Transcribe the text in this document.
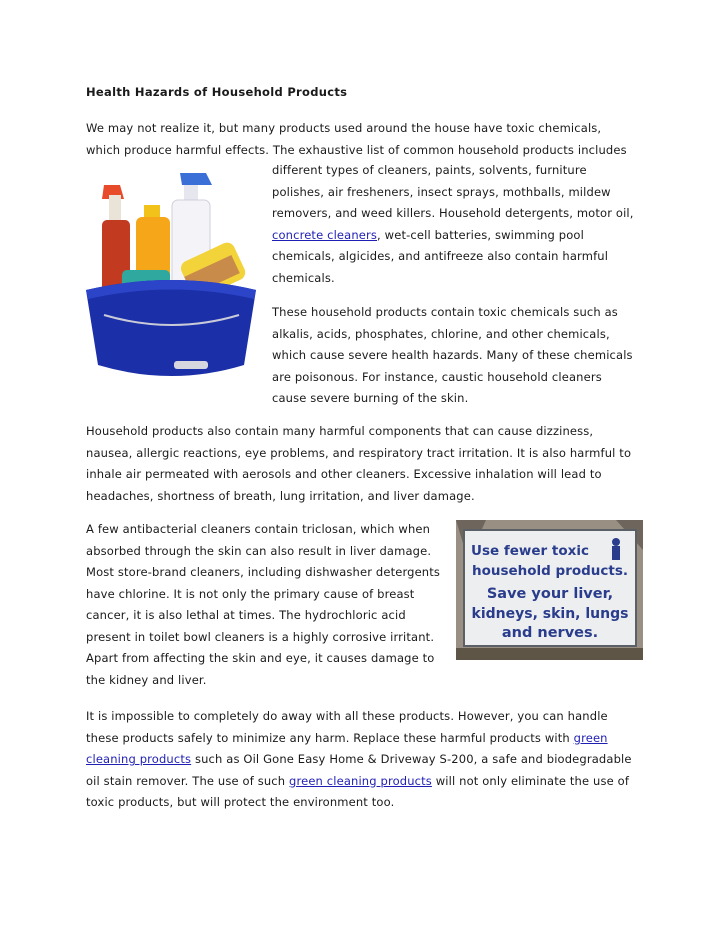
Health Hazards of Household Products
We may not realize it, but many products used around the house have toxic chemicals,
which produce harmful effects. The exhaustive list of common household products includes
different types of cleaners, paints, solvents, furniture
polishes, air fresheners, insect sprays, mothballs, mildew
removers, and weed killers. Household detergents, motor oil,
concrete cleaners, wet-cell batteries, swimming pool
chemicals, algicides, and antifreeze also contain harmful
chemicals.
These household products contain toxic chemicals such as
alkalis, acids, phosphates, chlorine, and other chemicals,
which cause severe health hazards. Many of these chemicals
are poisonous. For instance, caustic household cleaners
cause severe burning of the skin.
Household products also contain many harmful components that can cause dizziness,
nausea, allergic reactions, eye problems, and respiratory tract irritation. It is also harmful to
inhale air permeated with aerosols and other cleaners. Excessive inhalation will lead to
headaches, shortness of breath, lung irritation, and liver damage.
A few antibacterial cleaners contain triclosan, which when
absorbed through the skin can also result in liver damage.
Most store-brand cleaners, including dishwasher detergents
have chlorine. It is not only the primary cause of breast
cancer, it is also lethal at times. The hydrochloric acid
present in toilet bowl cleaners is a highly corrosive irritant.
Apart from affecting the skin and eye, it causes damage to
the kidney and liver.
Use fewer toxic
household products.
Save your liver,
kidneys, skin, lungs
and nerves.
It is impossible to completely do away with all these products. However, you can handle
these products safely to minimize any harm. Replace these harmful products with green
cleaning products such as Oil Gone Easy Home & Driveway S-200, a safe and biodegradable
oil stain remover. The use of such green cleaning products will not only eliminate the use of
toxic products, but will protect the environment too.
